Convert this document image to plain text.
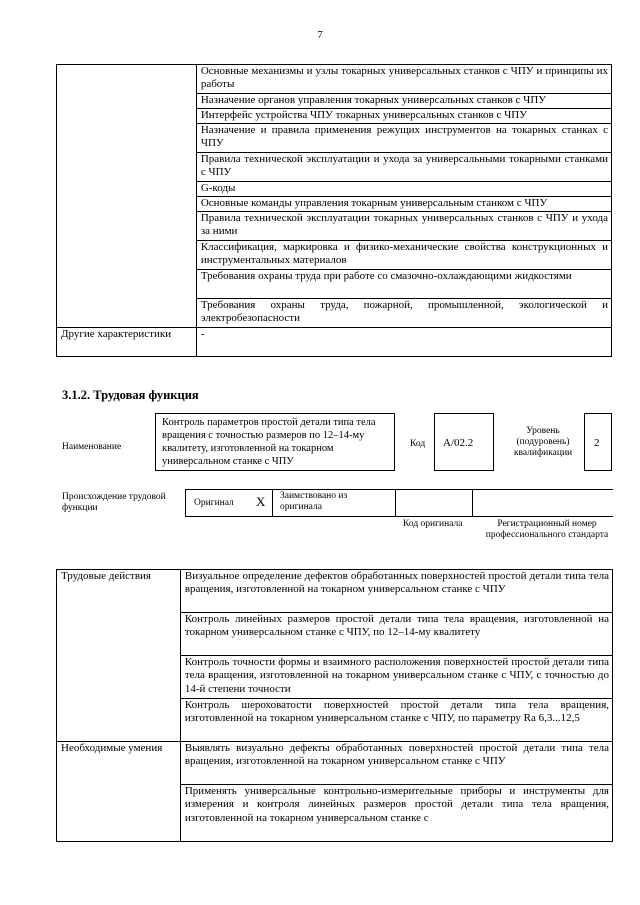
7
	Основные механизмы и узлы токарных универсальных станков с ЧПУ и принципы их работы
	Назначение органов управления токарных универсальных станков с ЧПУ
	Интерфейс устройства ЧПУ токарных универсальных станков с ЧПУ
	Назначение и правила применения режущих инструментов на токарных станках с ЧПУ
	Правила технической эксплуатации и ухода за универсальными токарными станками с ЧПУ
	G-коды
	Основные команды управления токарным универсальным станком с ЧПУ
	Правила технической эксплуатации токарных универсальных станков с ЧПУ и ухода за ними
	Классификация, маркировка и физико-механические свойства конструкционных и инструментальных материалов
	Требования охраны труда при работе со смазочно-охлаждающими жидкостями
	Требования охраны труда, пожарной, промышленной, экологической и электробезопасности
Другие характеристики	-
3.1.2. Трудовая функция
Наименование
Контроль параметров простой детали типа тела вращения с точностью размеров по 12–14-му квалитету, изготовленной на токарном универсальном станке с ЧПУ
Код А/02.2
Уровень (подуровень) квалификации
2
Происхождение трудовой функции	Оригинал X Заимствовано из оригинала
Код оригинала	Регистрационный номер профессионального стандарта
Трудовые действия	Визуальное определение дефектов обработанных поверхностей простой детали типа тела вращения, изготовленной на токарном универсальном станке с ЧПУ
	Контроль линейных размеров простой детали типа тела вращения, изготовленной на токарном универсальном станке с ЧПУ, по 12–14-му квалитету
	Контроль точности формы и взаимного расположения поверхностей простой детали типа тела вращения, изготовленной на токарном универсальном станке с ЧПУ, с точностью до 14-й степени точности
	Контроль шероховатости поверхностей простой детали типа тела вращения, изготовленной на токарном универсальном станке с ЧПУ, по параметру Ra 6,3...12,5
Необходимые умения	Выявлять визуально дефекты обработанных поверхностей простой детали типа тела вращения, изготовленной на токарном универсальном станке с ЧПУ
	Применять универсальные контрольно-измерительные приборы и инструменты для измерения и контроля линейных размеров простой детали типа тела вращения, изготовленной на токарном универсальном станке с
